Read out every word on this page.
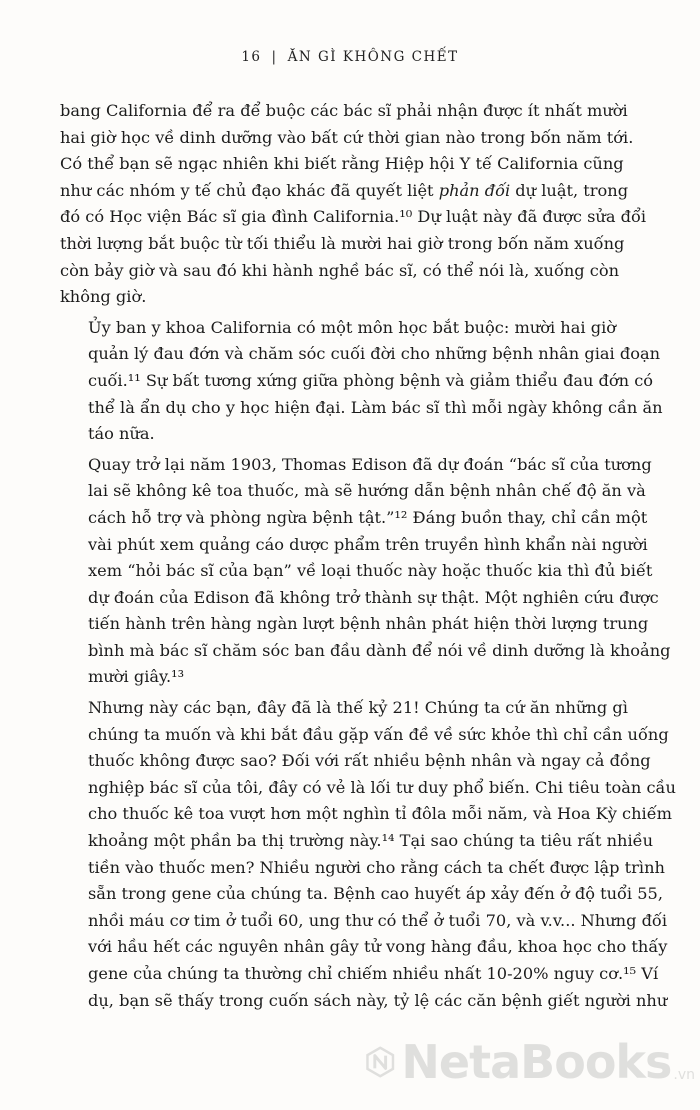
16 | ĂN GÌ KHÔNG CHẾT

bang California để ra để buộc các bác sĩ phải nhận được ít nhất mười
hai giờ học về dinh dưỡng vào bất cứ thời gian nào trong bốn năm tới.
Có thể bạn sẽ ngạc nhiên khi biết rằng Hiệp hội Y tế California cũng
như các nhóm y tế chủ đạo khác đã quyết liệt phản đối dự luật, trong
đó có Học viện Bác sĩ gia đình California.¹⁰ Dự luật này đã được sửa đổi
thời lượng bắt buộc từ tối thiểu là mười hai giờ trong bốn năm xuống
còn bảy giờ và sau đó khi hành nghề bác sĩ, có thể nói là, xuống còn
không giờ.

Ủy ban y khoa California có một môn học bắt buộc: mười hai giờ
quản lý đau đớn và chăm sóc cuối đời cho những bệnh nhân giai đoạn
cuối.¹¹ Sự bất tương xứng giữa phòng bệnh và giảm thiểu đau đớn có
thể là ẩn dụ cho y học hiện đại. Làm bác sĩ thì mỗi ngày không cần ăn
táo nữa.

Quay trở lại năm 1903, Thomas Edison đã dự đoán “bác sĩ của tương
lai sẽ không kê toa thuốc, mà sẽ hướng dẫn bệnh nhân chế độ ăn và
cách hỗ trợ và phòng ngừa bệnh tật.”¹² Đáng buồn thay, chỉ cần một
vài phút xem quảng cáo dược phẩm trên truyền hình khẩn nài người
xem “hỏi bác sĩ của bạn” về loại thuốc này hoặc thuốc kia thì đủ biết
dự đoán của Edison đã không trở thành sự thật. Một nghiên cứu được
tiến hành trên hàng ngàn lượt bệnh nhân phát hiện thời lượng trung
bình mà bác sĩ chăm sóc ban đầu dành để nói về dinh dưỡng là khoảng
mười giây.¹³

Nhưng này các bạn, đây đã là thế kỷ 21! Chúng ta cứ ăn những gì
chúng ta muốn và khi bắt đầu gặp vấn đề về sức khỏe thì chỉ cần uống
thuốc không được sao? Đối với rất nhiều bệnh nhân và ngay cả đồng
nghiệp bác sĩ của tôi, đây có vẻ là lối tư duy phổ biến. Chi tiêu toàn cầu
cho thuốc kê toa vượt hơn một nghìn tỉ đôla mỗi năm, và Hoa Kỳ chiếm
khoảng một phần ba thị trường này.¹⁴ Tại sao chúng ta tiêu rất nhiều
tiền vào thuốc men? Nhiều người cho rằng cách ta chết được lập trình
sẵn trong gene của chúng ta. Bệnh cao huyết áp xảy đến ở độ tuổi 55,
nhồi máu cơ tim ở tuổi 60, ung thư có thể ở tuổi 70, và v.v... Nhưng đối
với hầu hết các nguyên nhân gây tử vong hàng đầu, khoa học cho thấy
gene của chúng ta thường chỉ chiếm nhiều nhất 10-20% nguy cơ.¹⁵ Ví
dụ, bạn sẽ thấy trong cuốn sách này, tỷ lệ các căn bệnh giết người như

NetaBooks .vn
